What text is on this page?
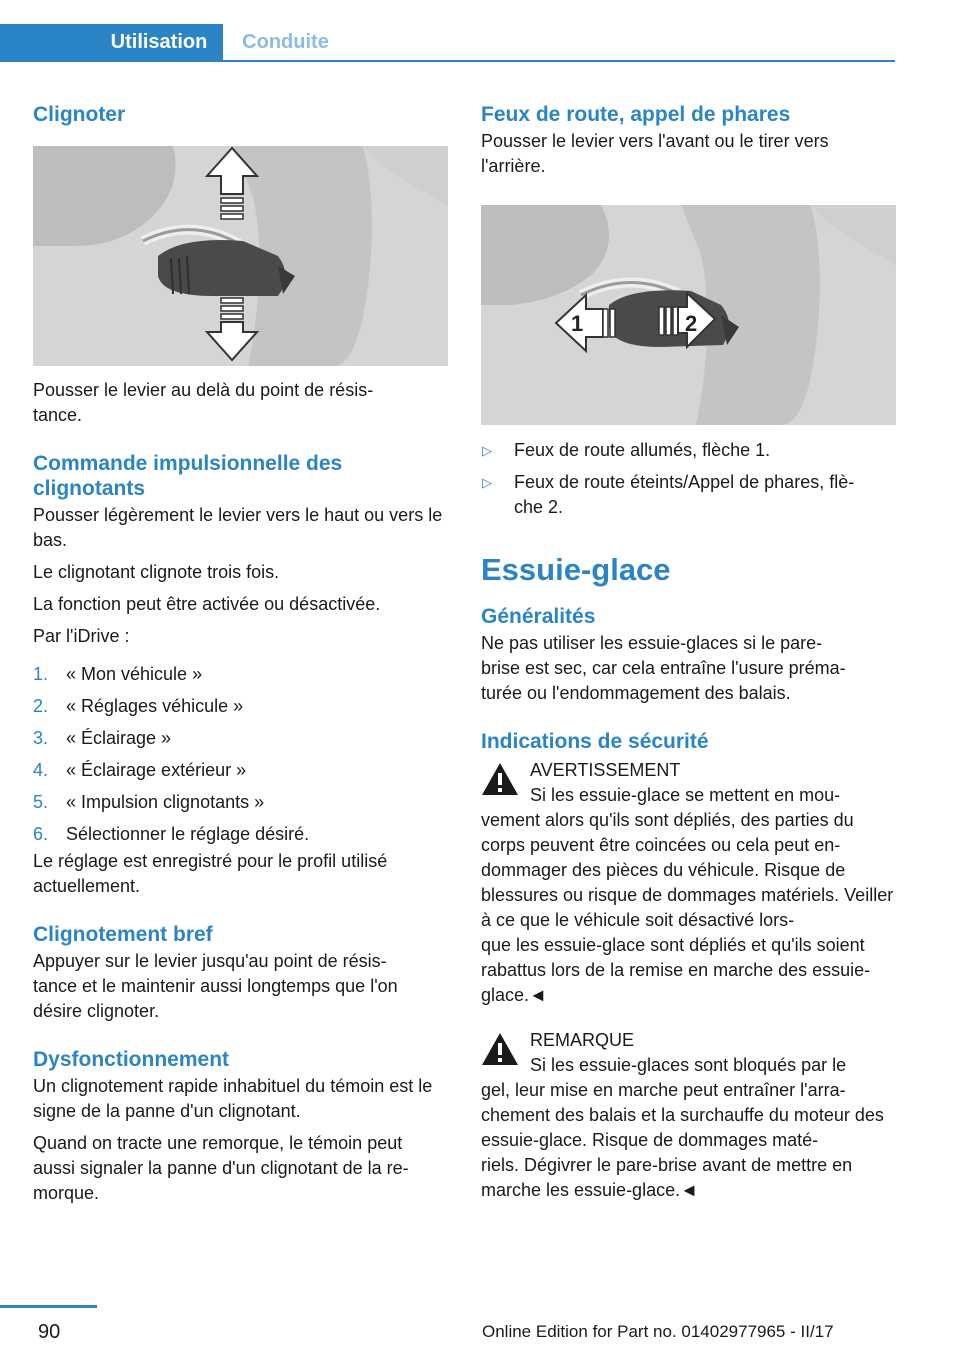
Utilisation	Conduite
Clignoter

Pousser le levier au delà du point de résis-
tance.

Commande impulsionnelle des clignotants

Pousser légèrement le levier vers le haut ou vers le bas.

Le clignotant clignote trois fois.

La fonction peut être activée ou désactivée.

Par l'iDrive :

1. « Mon véhicule »
2. « Réglages véhicule »
3. « Éclairage »
4. « Éclairage extérieur »
5. « Impulsion clignotants »
6. Sélectionner le réglage désiré.

Le réglage est enregistré pour le profil utilisé actuellement.

Clignotement bref

Appuyer sur le levier jusqu'au point de résis-
tance et le maintenir aussi longtemps que l'on désire clignoter.

Dysfonctionnement

Un clignotement rapide inhabituel du témoin est le signe de la panne d'un clignotant.

Quand on tracte une remorque, le témoin peut aussi signaler la panne d'un clignotant de la re-
morque.

Feux de route, appel de phares

Pousser le levier vers l'avant ou le tirer vers l'arrière.

1	2
▷ Feux de route allumés, flèche 1.
▷ Feux de route éteints/Appel de phares, flè-
che 2.
Essuie-glace
Généralités

Ne pas utiliser les essuie-glaces si le pare-
brise est sec, car cela entraîne l'usure préma-
turée ou l'endommagement des balais.

Indications de sécurité
AVERTISSEMENT
Si les essuie-glace se mettent en mou-
vement alors qu'ils sont dépliés, des parties du corps peuvent être coincées ou cela peut en-
dommager des pièces du véhicule. Risque de blessures ou risque de dommages matériels. Veiller à ce que le véhicule soit désactivé lors-
que les essuie-glace sont dépliés et qu'ils soient rabattus lors de la remise en marche des essuie-glace.◄
REMARQUE
Si les essuie-glaces sont bloqués par le
gel, leur mise en marche peut entraîner l'arra-
chement des balais et la surchauffe du moteur des essuie-glace. Risque de dommages maté-
riels. Dégivrer le pare-brise avant de mettre en marche les essuie-glace.◄
90	Online Edition for Part no. 01402977965 - II/17
